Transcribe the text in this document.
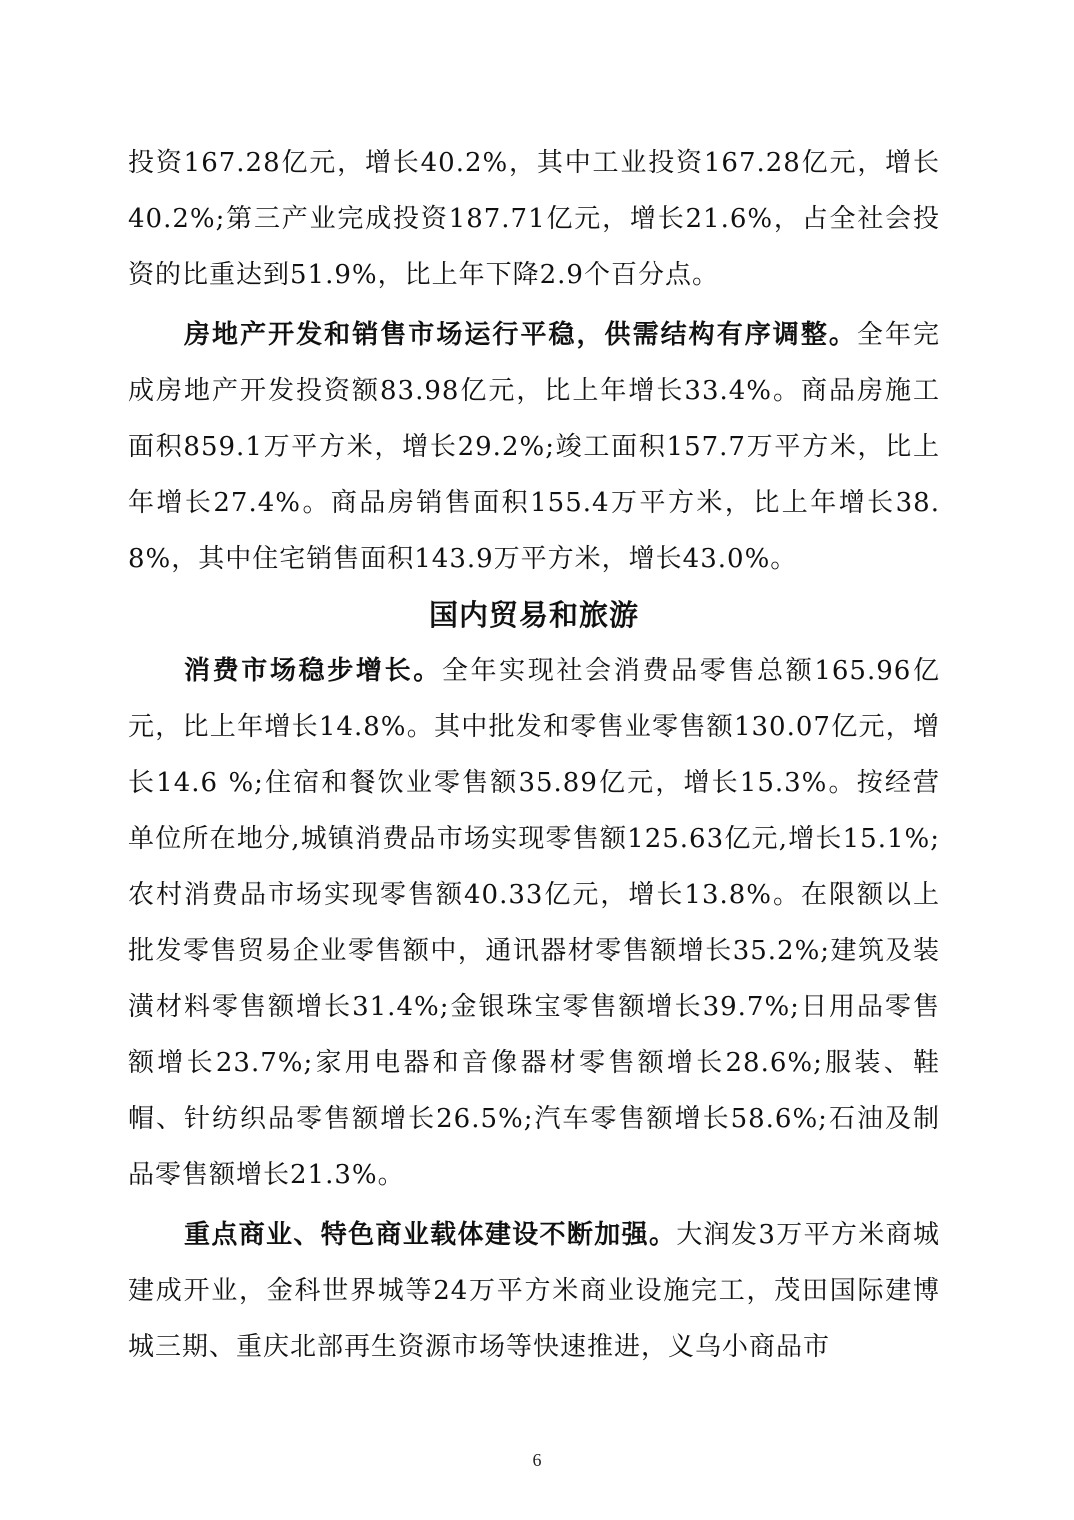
投资167.28亿元，增长40.2%，其中工业投资167.28亿元，增长40.2%;第三产业完成投资187.71亿元，增长21.6%，占全社会投资的比重达到51.9%，比上年下降2.9个百分点。

房地产开发和销售市场运行平稳，供需结构有序调整。全年完成房地产开发投资额83.98亿元，比上年增长33.4%。商品房施工面积859.1万平方米，增长29.2%;竣工面积157.7万平方米，比上年增长27.4%。商品房销售面积155.4万平方米，比上年增长38.8%，其中住宅销售面积143.9万平方米，增长43.0%。

国内贸易和旅游

消费市场稳步增长。全年实现社会消费品零售总额165.96亿元，比上年增长14.8%。其中批发和零售业零售额130.07亿元，增长14.6 %;住宿和餐饮业零售额35.89亿元，增长15.3%。按经营单位所在地分,城镇消费品市场实现零售额125.63亿元,增长15.1%;农村消费品市场实现零售额40.33亿元，增长13.8%。在限额以上批发零售贸易企业零售额中，通讯器材零售额增长35.2%;建筑及装潢材料零售额增长31.4%;金银珠宝零售额增长39.7%;日用品零售额增长23.7%;家用电器和音像器材零售额增长28.6%;服装、鞋帽、针纺织品零售额增长26.5%;汽车零售额增长58.6%;石油及制品零售额增长21.3%。

重点商业、特色商业载体建设不断加强。大润发3万平方米商城建成开业，金科世界城等24万平方米商业设施完工，茂田国际建博城三期、重庆北部再生资源市场等快速推进，义乌小商品市

6
